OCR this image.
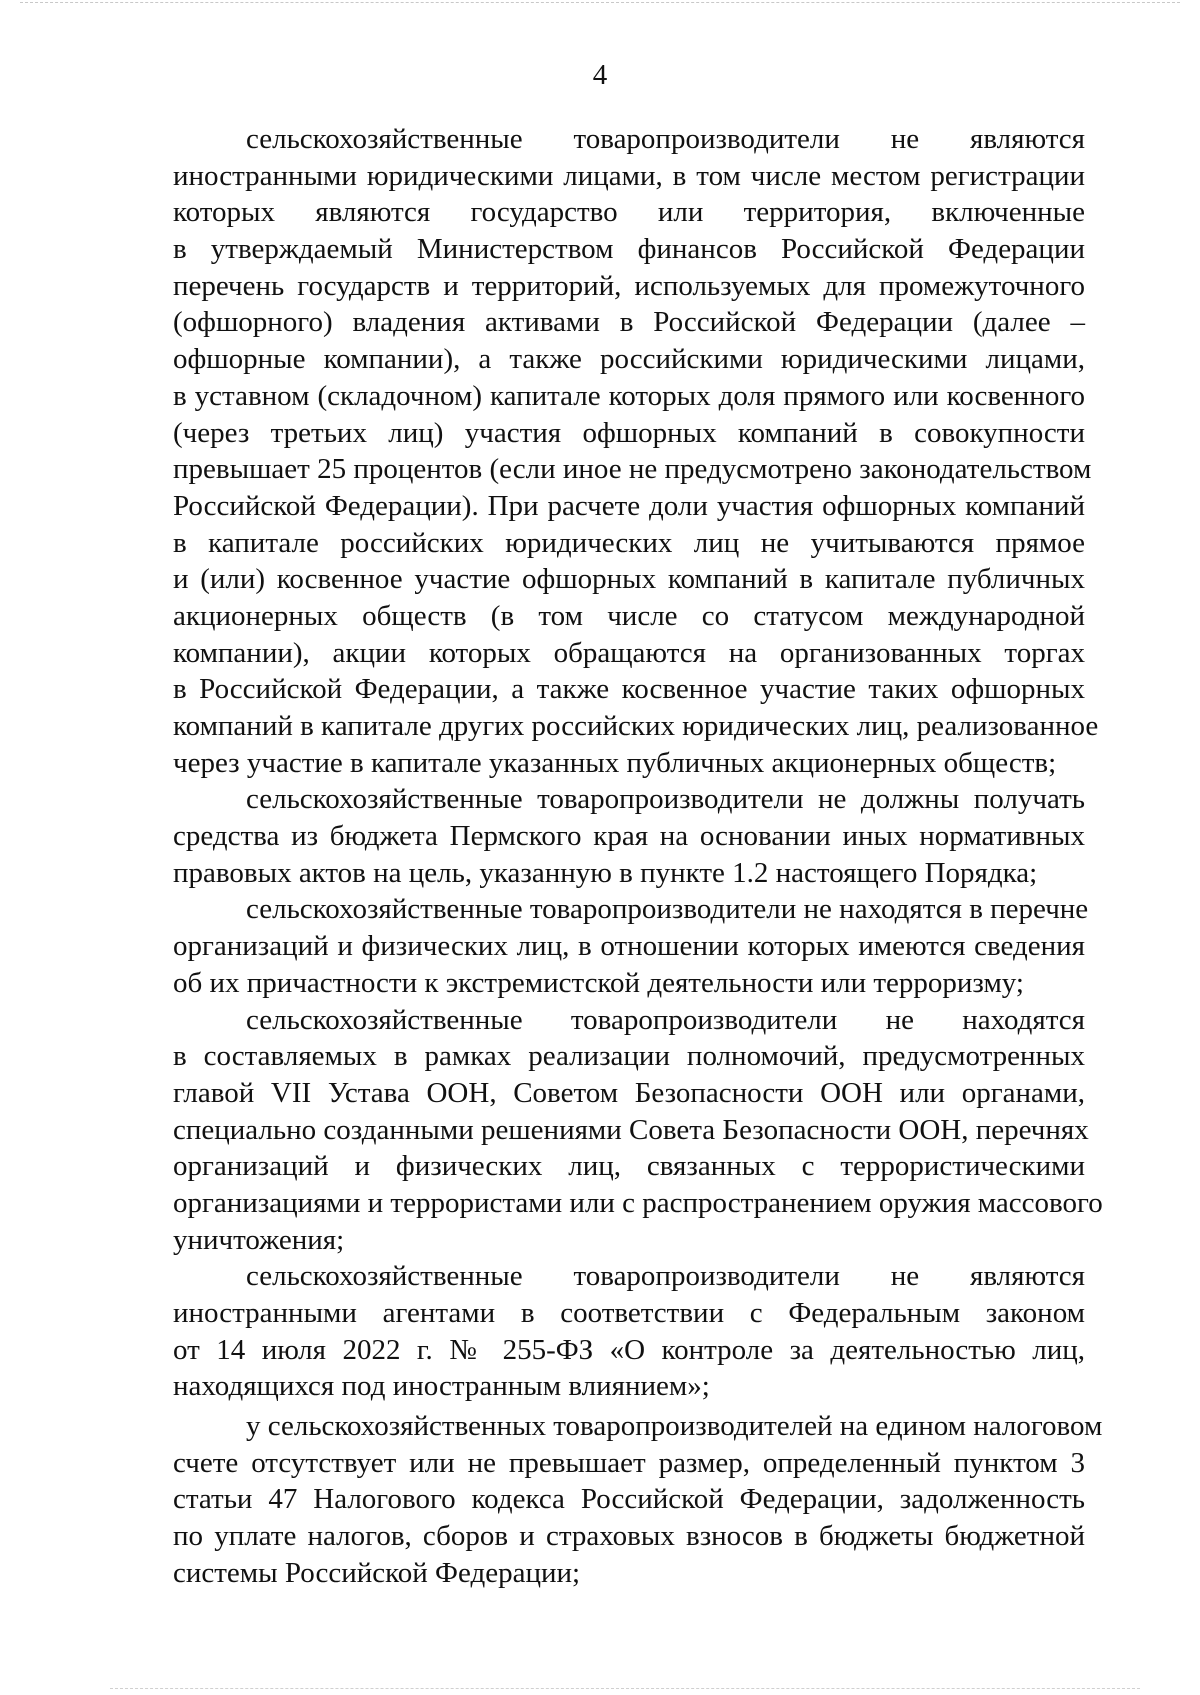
4
сельскохозяйственные товаропроизводители не являются
иностранными юридическими лицами, в том числе местом регистрации
которых являются государство или территория, включенные
в утверждаемый Министерством финансов Российской Федерации
перечень государств и территорий, используемых для промежуточного
(офшорного) владения активами в Российской Федерации (далее –
офшорные компании), а также российскими юридическими лицами,
в уставном (складочном) капитале которых доля прямого или косвенного
(через третьих лиц) участия офшорных компаний в совокупности
превышает 25 процентов (если иное не предусмотрено законодательством
Российской Федерации). При расчете доли участия офшорных компаний
в капитале российских юридических лиц не учитываются прямое
и (или) косвенное участие офшорных компаний в капитале публичных
акционерных обществ (в том числе со статусом международной
компании), акции которых обращаются на организованных торгах
в Российской Федерации, а также косвенное участие таких офшорных
компаний в капитале других российских юридических лиц, реализованное
через участие в капитале указанных публичных акционерных обществ;
сельскохозяйственные товаропроизводители не должны получать
средства из бюджета Пермского края на основании иных нормативных
правовых актов на цель, указанную в пункте 1.2 настоящего Порядка;
сельскохозяйственные товаропроизводители не находятся в перечне
организаций и физических лиц, в отношении которых имеются сведения
об их причастности к экстремистской деятельности или терроризму;
сельскохозяйственные товаропроизводители не находятся
в составляемых в рамках реализации полномочий, предусмотренных
главой VII Устава ООН, Советом Безопасности ООН или органами,
специально созданными решениями Совета Безопасности ООН, перечнях
организаций и физических лиц, связанных с террористическими
организациями и террористами или с распространением оружия массового
уничтожения;
сельскохозяйственные товаропроизводители не являются
иностранными агентами в соответствии с Федеральным законом
от 14 июля 2022 г. № 255-ФЗ «О контроле за деятельностью лиц,
находящихся под иностранным влиянием»;
у сельскохозяйственных товаропроизводителей на едином налоговом
счете отсутствует или не превышает размер, определенный пунктом 3
статьи 47 Налогового кодекса Российской Федерации, задолженность
по уплате налогов, сборов и страховых взносов в бюджеты бюджетной
системы Российской Федерации;
